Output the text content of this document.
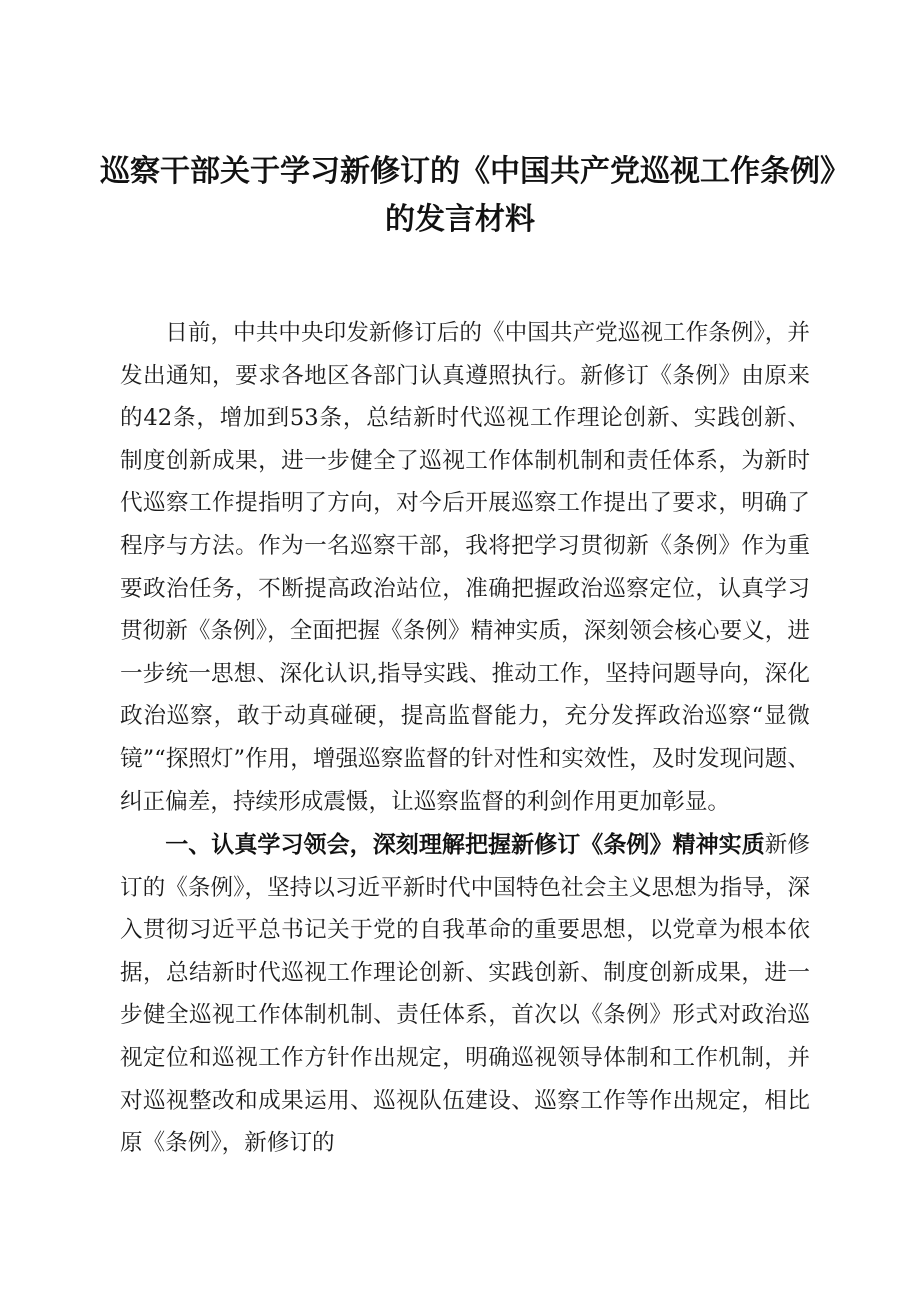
巡察干部关于学习新修订的《中国共产党巡视工作条例》
的发言材料

日前，中共中央印发新修订后的《中国共产党巡视工作条例》，并发出通知，要求各地区各部门认真遵照执行。新修订《条例》由原来的42条，增加到53条，总结新时代巡视工作理论创新、实践创新、制度创新成果，进一步健全了巡视工作体制机制和责任体系，为新时代巡察工作提指明了方向，对今后开展巡察工作提出了要求，明确了程序与方法。作为一名巡察干部，我将把学习贯彻新《条例》作为重要政治任务，不断提高政治站位，准确把握政治巡察定位，认真学习贯彻新《条例》，全面把握《条例》精神实质，深刻领会核心要义，进一步统一思想、深化认识,指导实践、推动工作，坚持问题导向，深化政治巡察，敢于动真碰硬，提高监督能力，充分发挥政治巡察“显微镜”“探照灯”作用，增强巡察监督的针对性和实效性，及时发现问题、纠正偏差，持续形成震慑，让巡察监督的利剑作用更加彰显。

一、认真学习领会，深刻理解把握新修订《条例》精神实质新修订的《条例》，坚持以习近平新时代中国特色社会主义思想为指导，深入贯彻习近平总书记关于党的自我革命的重要思想，以党章为根本依据，总结新时代巡视工作理论创新、实践创新、制度创新成果，进一步健全巡视工作体制机制、责任体系，首次以《条例》形式对政治巡视定位和巡视工作方针作出规定，明确巡视领导体制和工作机制，并对巡视整改和成果运用、巡视队伍建设、巡察工作等作出规定，相比原《条例》，新修订的
